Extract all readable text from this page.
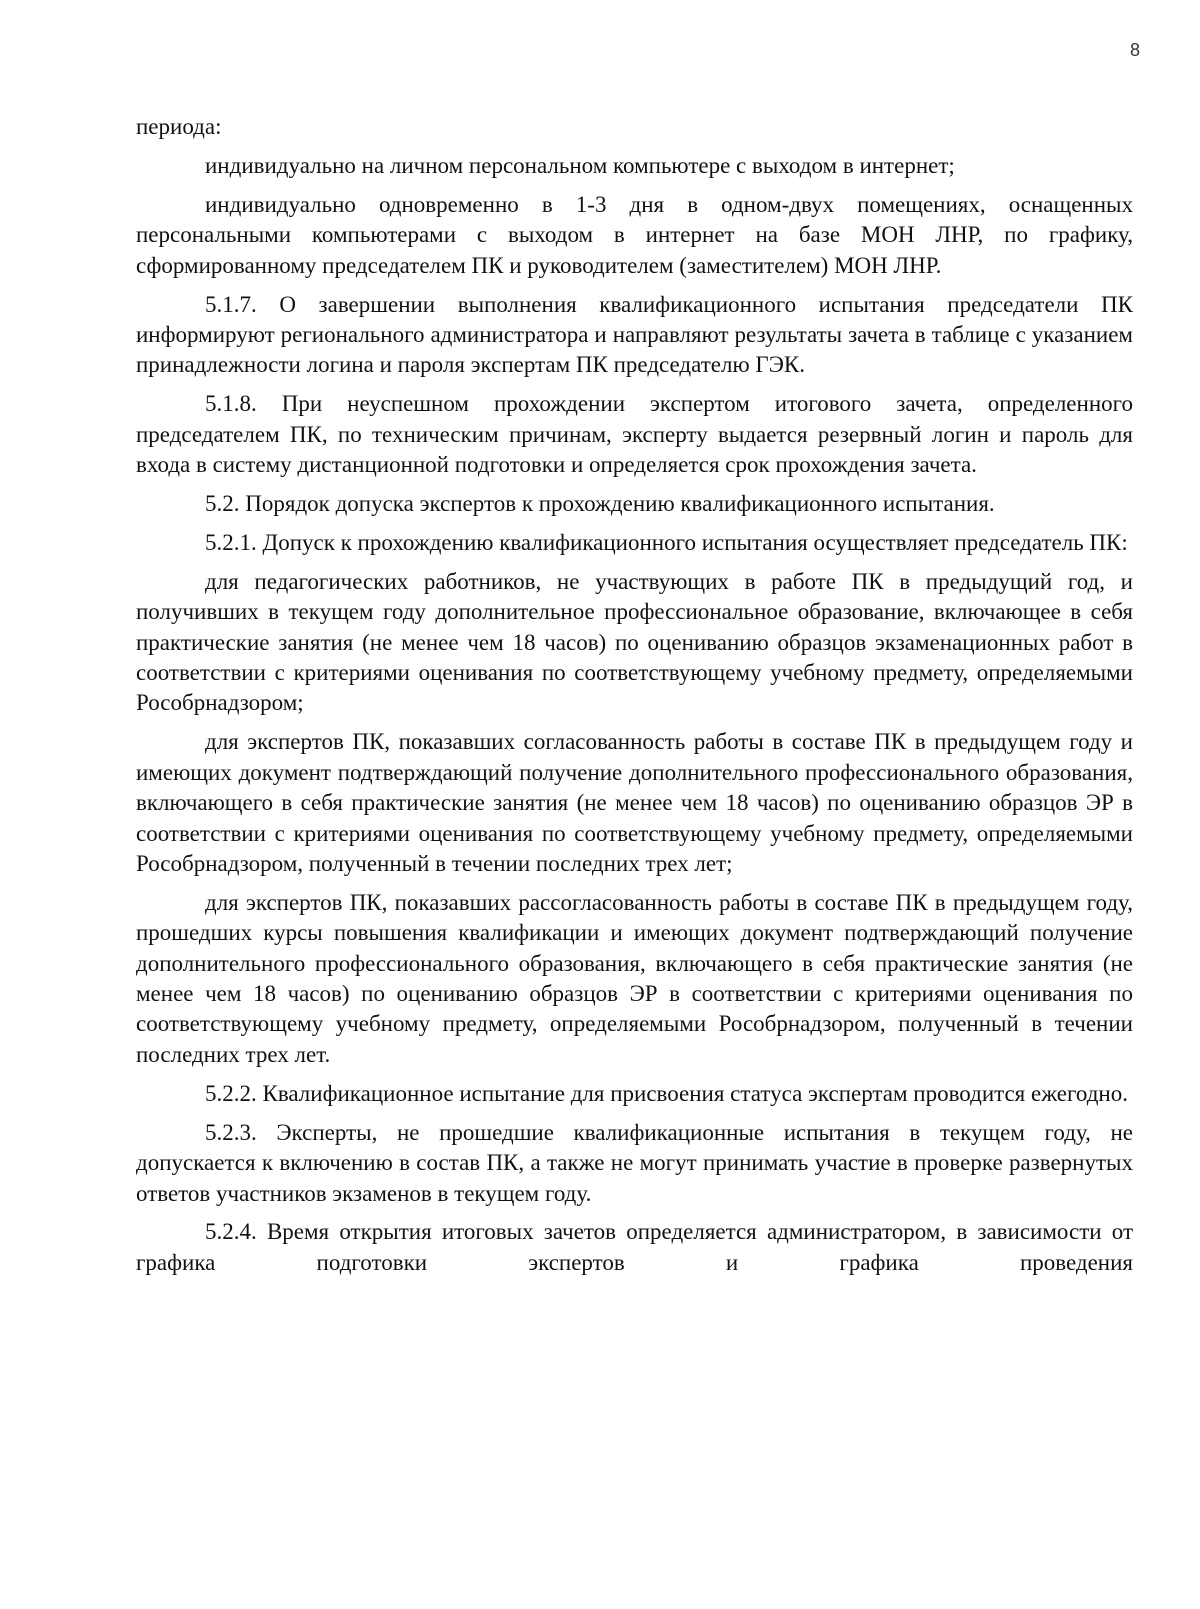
8

периода:

индивидуально на личном персональном компьютере с выходом в интернет;

индивидуально одновременно в 1-3 дня в одном-двух помещениях, оснащенных персональными компьютерами с выходом в интернет на базе МОН ЛНР, по графику, сформированному председателем ПК и руководителем (заместителем) МОН ЛНР.

5.1.7. О завершении выполнения квалификационного испытания председатели ПК информируют регионального администратора и направляют результаты зачета в таблице с указанием принадлежности логина и пароля экспертам ПК председателю ГЭК.

5.1.8. При неуспешном прохождении экспертом итогового зачета, определенного председателем ПК, по техническим причинам, эксперту выдается резервный логин и пароль для входа в систему дистанционной подготовки и определяется срок прохождения зачета.

5.2. Порядок допуска экспертов к прохождению квалификационного испытания.

5.2.1. Допуск к прохождению квалификационного испытания осуществляет председатель ПК:

для педагогических работников, не участвующих в работе ПК в предыдущий год, и получивших в текущем году дополнительное профессиональное образование, включающее в себя практические занятия (не менее чем 18 часов) по оцениванию образцов экзаменационных работ в соответствии с критериями оценивания по соответствующему учебному предмету, определяемыми Рособрнадзором;

для экспертов ПК, показавших согласованность работы в составе ПК в предыдущем году и имеющих документ подтверждающий получение дополнительного профессионального образования, включающего в себя практические занятия (не менее чем 18 часов) по оцениванию образцов ЭР в соответствии с критериями оценивания по соответствующему учебному предмету, определяемыми Рособрнадзором, полученный в течении последних трех лет;

для экспертов ПК, показавших рассогласованность работы в составе ПК в предыдущем году, прошедших курсы повышения квалификации и имеющих документ подтверждающий получение дополнительного профессионального образования, включающего в себя практические занятия (не менее чем 18 часов) по оцениванию образцов ЭР в соответствии с критериями оценивания по соответствующему учебному предмету, определяемыми Рособрнадзором, полученный в течении последних трех лет.

5.2.2. Квалификационное испытание для присвоения статуса экспертам проводится ежегодно.

5.2.3. Эксперты, не прошедшие квалификационные испытания в текущем году, не допускается к включению в состав ПК, а также не могут принимать участие в проверке развернутых ответов участников экзаменов в текущем году.

5.2.4. Время открытия итоговых зачетов определяется администратором, в зависимости от графика подготовки экспертов и графика проведения
